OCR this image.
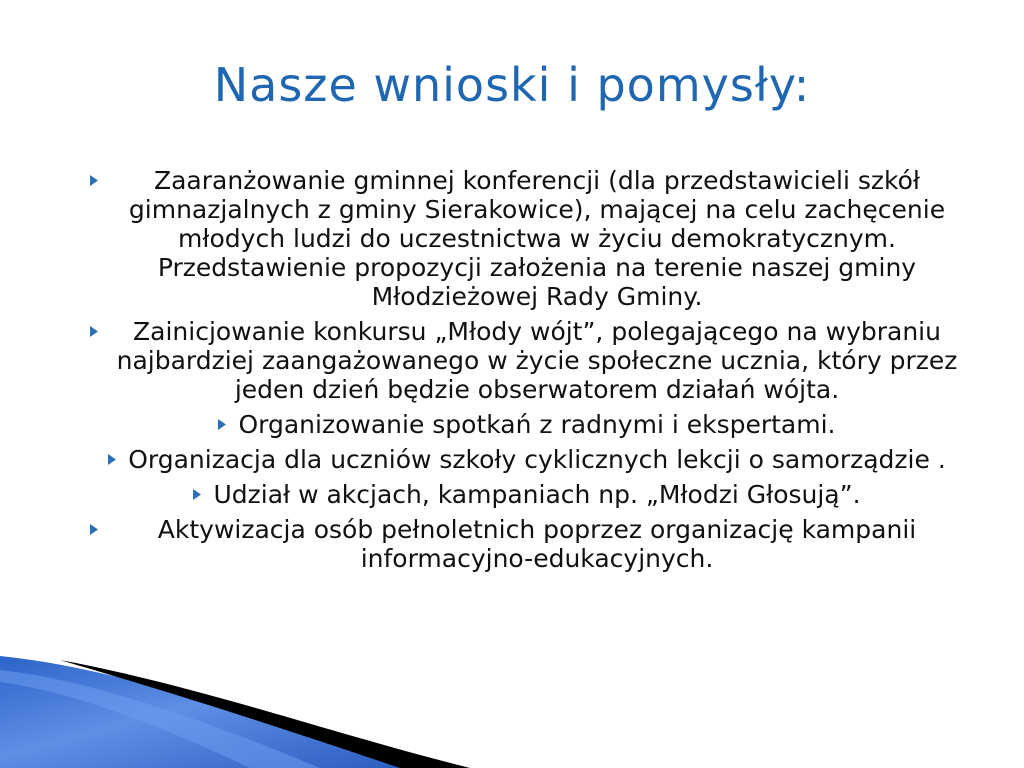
Nasze wnioski i pomysły:
Zaaranżowanie gminnej konferencji (dla przedstawicieli szkół gimnazjalnych z gminy Sierakowice), mającej na celu zachęcenie młodych ludzi do uczestnictwa w życiu demokratycznym. Przedstawienie propozycji założenia na terenie naszej gminy Młodzieżowej Rady Gminy.
Zainicjowanie konkursu „Młody wójt”, polegającego na wybraniu najbardziej zaangażowanego w życie społeczne ucznia, który przez jeden dzień będzie obserwatorem działań wójta.
Organizowanie spotkań z radnymi i ekspertami.
Organizacja dla uczniów szkoły cyklicznych lekcji o samorządzie .
Udział w akcjach, kampaniach np. „Młodzi Głosują”.
Aktywizacja osób pełnoletnich poprzez organizację kampanii informacyjno-edukacyjnych.
